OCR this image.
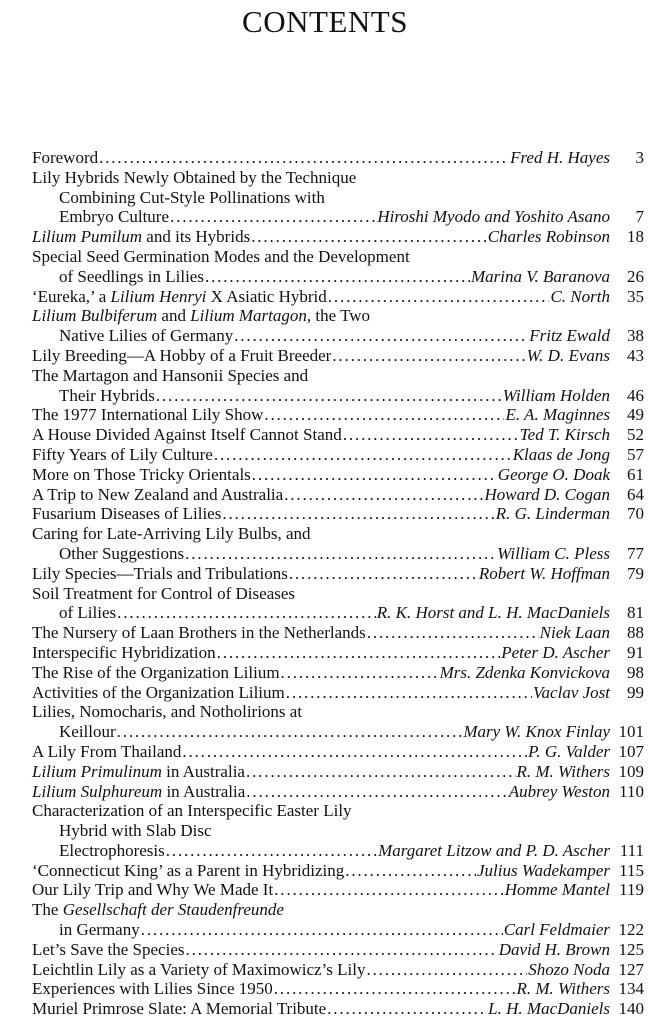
CONTENTS
Foreword . . .	Fred H. Hayes	3
Lily Hybrids Newly Obtained by the Technique
Combining Cut-Style Pollinations with
Embryo Culture . . .	Hiroshi Myodo and Yoshito Asano	7
Lilium Pumilum and its Hybrids . . .	Charles Robinson	18
Special Seed Germination Modes and the Development
of Seedlings in Lilies . . .	Marina V. Baranova	26
‘Eureka,’ a Lilium Henryi X Asiatic Hybrid . . .	C. North	35
Lilium Bulbiferum and Lilium Martagon, the Two
Native Lilies of Germany . . .	Fritz Ewald	38
Lily Breeding—A Hobby of a Fruit Breeder . . .	W. D. Evans	43
The Martagon and Hansonii Species and
Their Hybrids . . .	William Holden	46
The 1977 International Lily Show . . .	E. A. Maginnes	49
A House Divided Against Itself Cannot Stand . . .	Ted T. Kirsch	52
Fifty Years of Lily Culture . . .	Klaas de Jong	57
More on Those Tricky Orientals . . .	George O. Doak	61
A Trip to New Zealand and Australia . . .	Howard D. Cogan	64
Fusarium Diseases of Lilies . . .	R. G. Linderman	70
Caring for Late-Arriving Lily Bulbs, and
Other Suggestions . . .	William C. Pless	77
Lily Species—Trials and Tribulations . . .	Robert W. Hoffman	79
Soil Treatment for Control of Diseases
of Lilies . . .	R. K. Horst and L. H. MacDaniels	81
The Nursery of Laan Brothers in the Netherlands . . .	Niek Laan	88
Interspecific Hybridization . . .	Peter D. Ascher	91
The Rise of the Organization Lilium . . .	Mrs. Zdenka Konvickova	98
Activities of the Organization Lilium . . .	Vaclav Jost	99
Lilies, Nomocharis, and Notholirions at
Keillour . . .	Mary W. Knox Finlay 101
A Lily From Thailand . . .	P. G. Valder 107
Lilium Primulinum in Australia . . .	R. M. Withers 109
Lilium Sulphureum in Australia . . .	Aubrey Weston 110
Characterization of an Interspecific Easter Lily
Hybrid with Slab Disc
Electrophoresis . . .	Margaret Litzow and P. D. Ascher 111
‘Connecticut King’ as a Parent in Hybridizing . . .	Julius Wadekamper 115
Our Lily Trip and Why We Made It . . .	Homme Mantel 119
The Gesellschaft der Staudenfreunde
in Germany . . .	Carl Feldmaier 122
Let’s Save the Species . . .	David H. Brown 125
Leichtlin Lily as a Variety of Maximowicz’s Lily . . .	Shozo Noda 127
Experiences with Lilies Since 1950 . . .	R. M. Withers 134
Muriel Primrose Slate: A Memorial Tribute . . .	L. H. MacDaniels 140
